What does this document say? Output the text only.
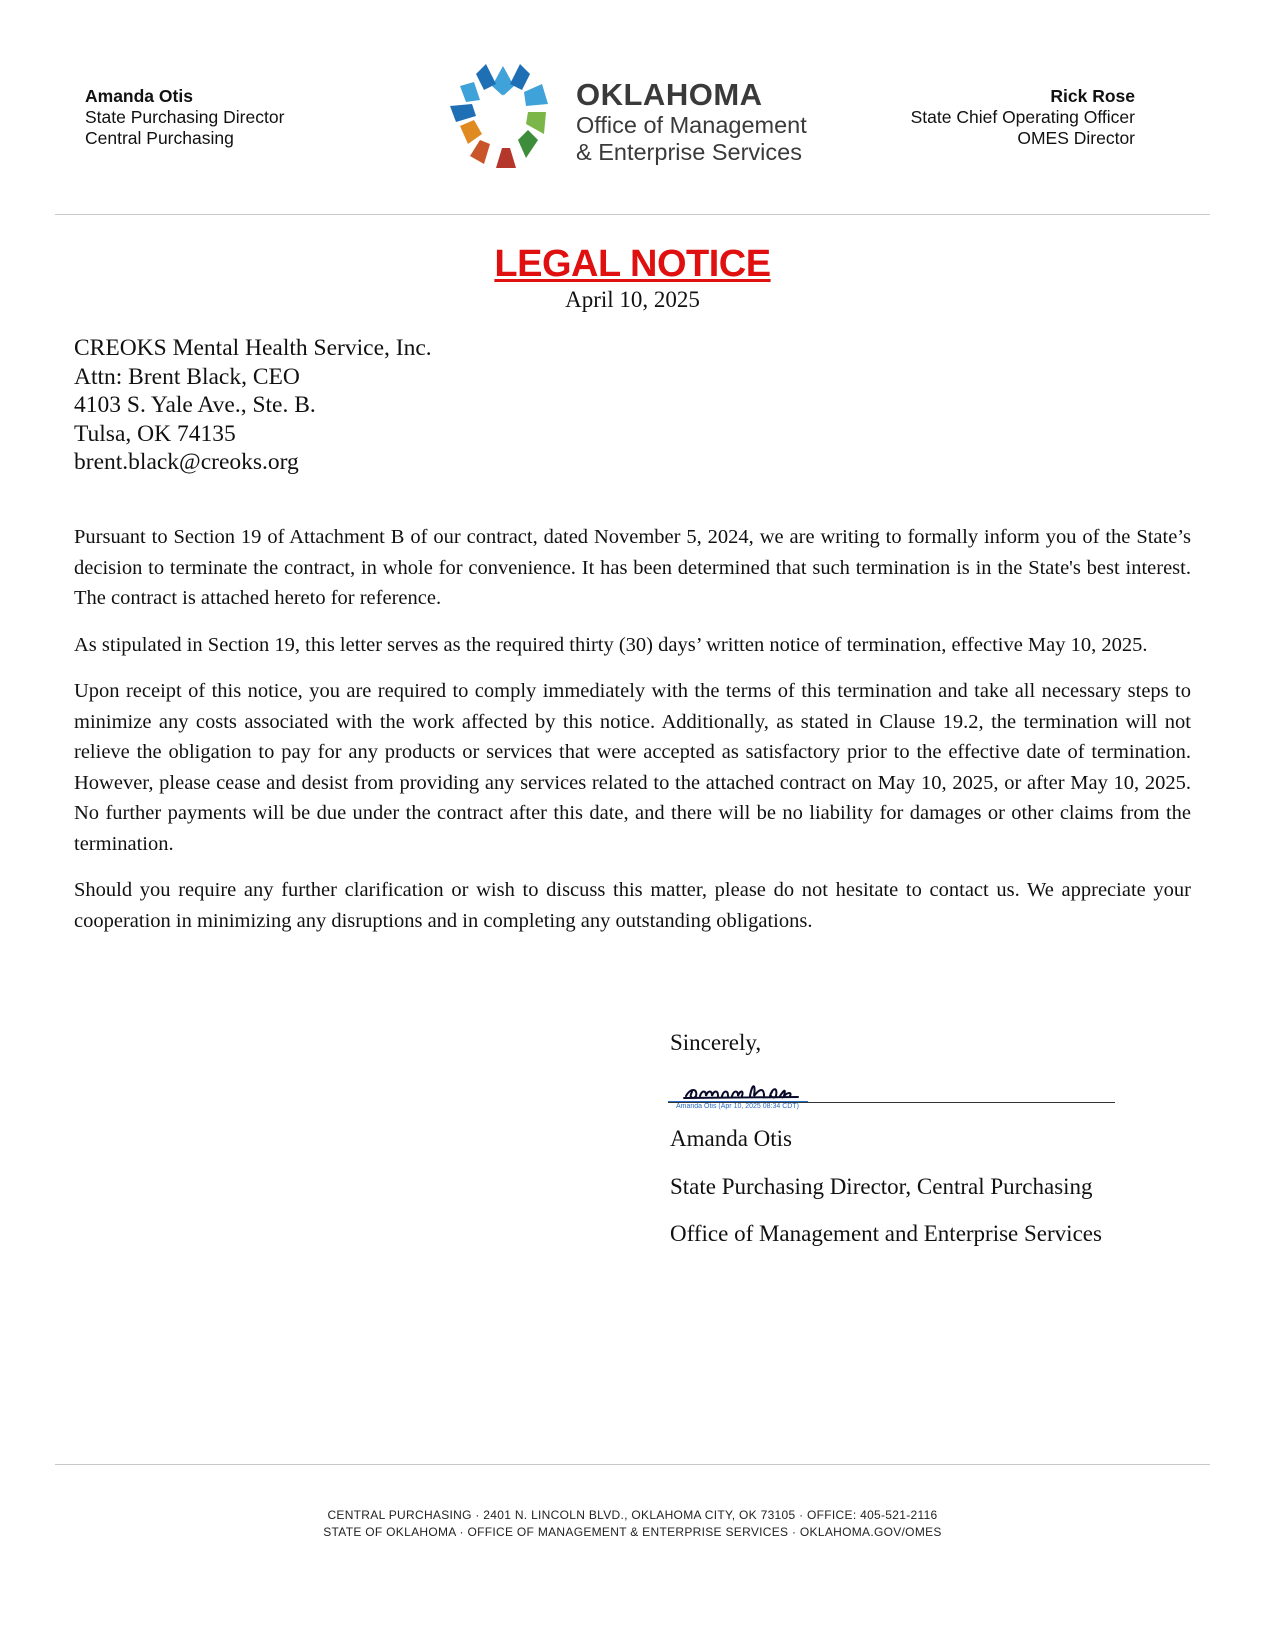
Amanda Otis
State Purchasing Director
Central Purchasing
OKLAHOMA
Office of Management
& Enterprise Services
Rick Rose
State Chief Operating Officer
OMES Director
LEGAL NOTICE
April 10, 2025
CREOKS Mental Health Service, Inc.
Attn: Brent Black, CEO
4103 S. Yale Ave., Ste. B.
Tulsa, OK 74135
brent.black@creoks.org

Pursuant to Section 19 of Attachment B of our contract, dated November 5, 2024, we are writing to formally inform you of the State’s decision to terminate the contract, in whole for convenience. It has been determined that such termination is in the State's best interest. The contract is attached hereto for reference.

As stipulated in Section 19, this letter serves as the required thirty (30) days’ written notice of termination, effective May 10, 2025.

Upon receipt of this notice, you are required to comply immediately with the terms of this termination and take all necessary steps to minimize any costs associated with the work affected by this notice. Additionally, as stated in Clause 19.2, the termination will not relieve the obligation to pay for any products or services that were accepted as satisfactory prior to the effective date of termination. However, please cease and desist from providing any services related to the attached contract on May 10, 2025, or after May 10, 2025. No further payments will be due under the contract after this date, and there will be no liability for damages or other claims from the termination.

Should you require any further clarification or wish to discuss this matter, please do not hesitate to contact us. We appreciate your cooperation in minimizing any disruptions and in completing any outstanding obligations.

Sincerely,
Amanda Otis (Apr 10, 2025 08:34 CDT)
Amanda Otis
State Purchasing Director, Central Purchasing
Office of Management and Enterprise Services
CENTRAL PURCHASING · 2401 N. LINCOLN BLVD., OKLAHOMA CITY, OK 73105 · OFFICE: 405-521-2116
STATE OF OKLAHOMA · OFFICE OF MANAGEMENT & ENTERPRISE SERVICES · OKLAHOMA.GOV/OMES
